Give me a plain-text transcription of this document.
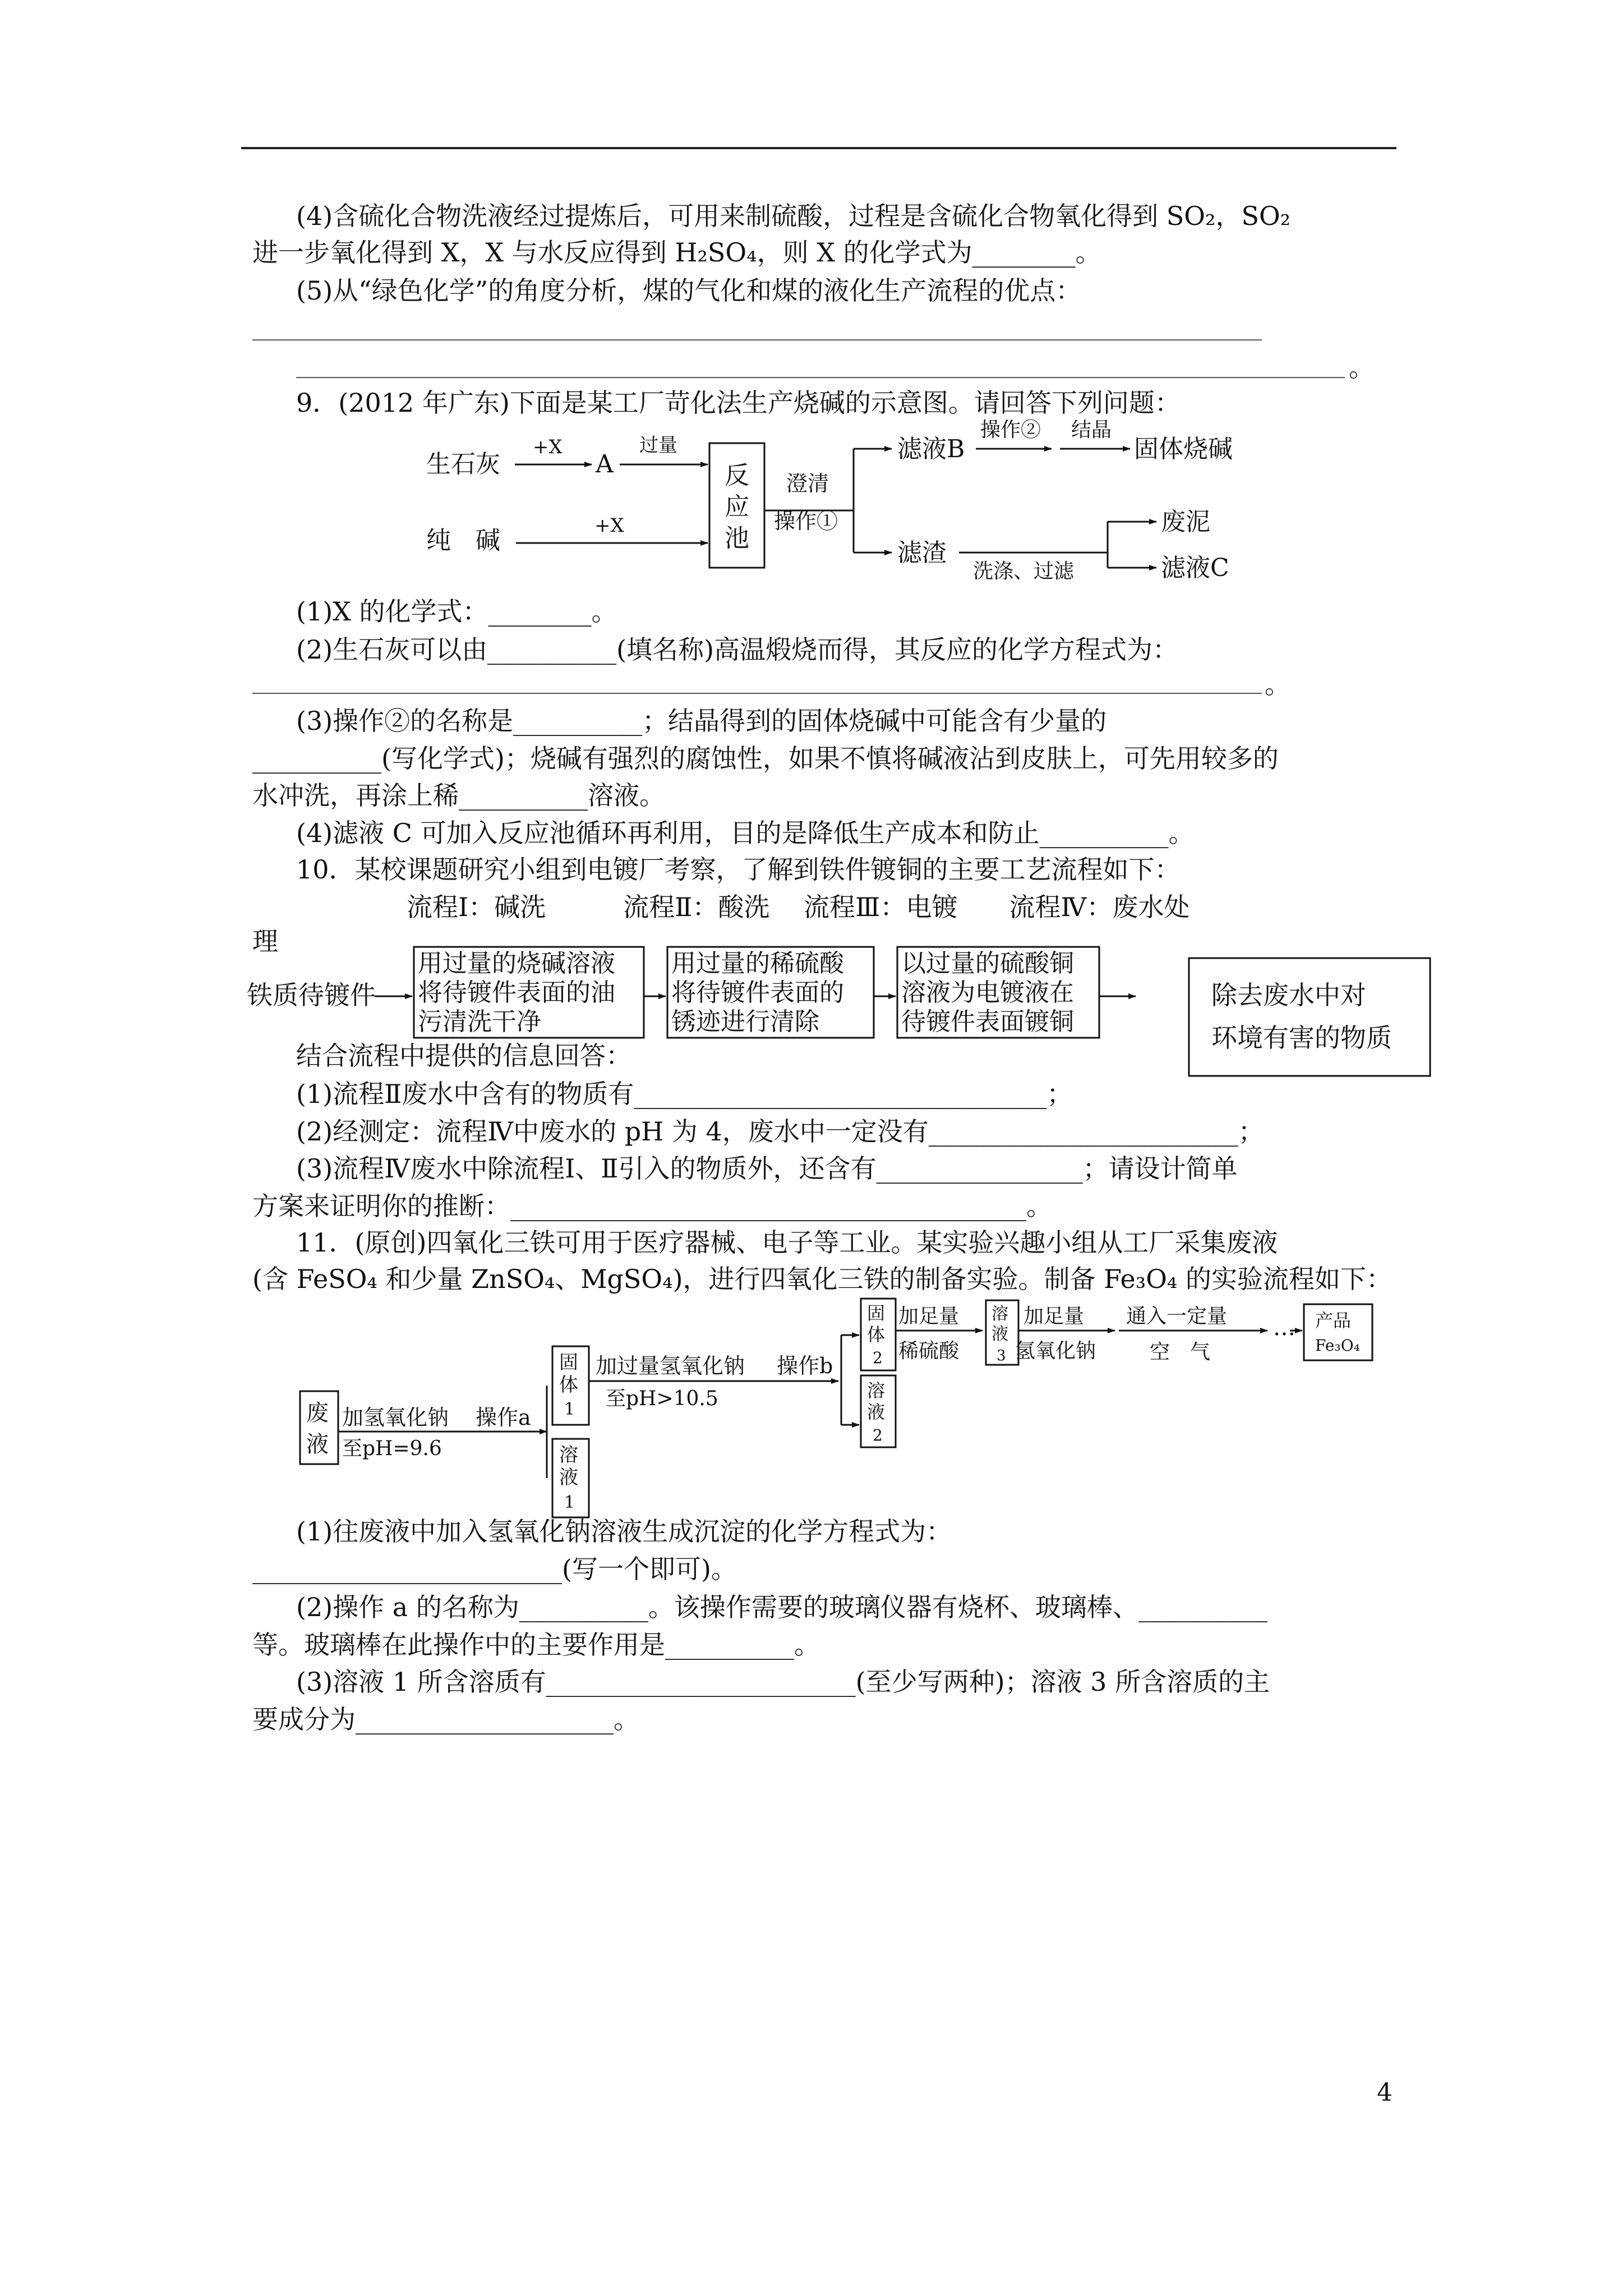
(4)含硫化合物洗液经过提炼后，可用来制硫酸，过程是含硫化合物氧化得到 SO₂，SO₂
进一步氧化得到 X，X 与水反应得到 H₂SO₄，则 X 的化学式为________。
(5)从“绿色化学”的角度分析，煤的气化和煤的液化生产流程的优点：
。
9．(2012 年广东)下面是某工厂苛化法生产烧碱的示意图。请回答下列问题：
生石灰
纯　碱
+X
A
过量
+X
反
应
池
澄清
操作①
滤液B
操作② 结晶
固体烧碱
滤渣
洗涤、过滤
废泥
滤液C
铁质待镀件
用过量的烧碱溶液
将待镀件表面的油
污清洗干净
用过量的稀硫酸
将待镀件表面的
锈迹进行清除
以过量的硫酸铜
溶液为电镀液在
待镀件表面镀铜
除去废水中对
环境有害的物质
废
液
加氢氧化钠
至pH=9.6
操作a
固
体
1
溶
液
1
加过量氢氧化钠
至pH>10.5
操作b
固
体
2
溶
液
2
加足量
稀硫酸
溶
液
3
加足量
氢氧化钠
通入一定量
空　气
… 产品
Fe₃O₄
(1)X 的化学式：________。
(2)生石灰可以由__________(填名称)高温煅烧而得，其反应的化学方程式为：
。
(3)操作②的名称是__________；结晶得到的固体烧碱中可能含有少量的
__________(写化学式)；烧碱有强烈的腐蚀性，如果不慎将碱液沾到皮肤上，可先用较多的
水冲洗，再涂上稀__________溶液。
(4)滤液 C 可加入反应池循环再利用，目的是降低生产成本和防止__________。
10．某校课题研究小组到电镀厂考察，了解到铁件镀铜的主要工艺流程如下：
流程Ⅰ：碱洗　　　流程Ⅱ：酸洗　 流程Ⅲ：电镀　　流程Ⅳ：废水处
理
结合流程中提供的信息回答：
(1)流程Ⅱ废水中含有的物质有________________________________；
(2)经测定：流程Ⅳ中废水的 pH 为 4，废水中一定没有________________________；
(3)流程Ⅳ废水中除流程Ⅰ、Ⅱ引入的物质外，还含有________________；请设计简单
方案来证明你的推断：________________________________________。
11．(原创)四氧化三铁可用于医疗器械、电子等工业。某实验兴趣小组从工厂采集废液
(含 FeSO₄ 和少量 ZnSO₄、MgSO₄)，进行四氧化三铁的制备实验。制备 Fe₃O₄ 的实验流程如下：
(1)往废液中加入氢氧化钠溶液生成沉淀的化学方程式为：
________________________(写一个即可)。
(2)操作 a 的名称为__________。该操作需要的玻璃仪器有烧杯、玻璃棒、__________
等。玻璃棒在此操作中的主要作用是__________。
(3)溶液 1 所含溶质有________________________(至少写两种)；溶液 3 所含溶质的主
要成分为____________________。
4
